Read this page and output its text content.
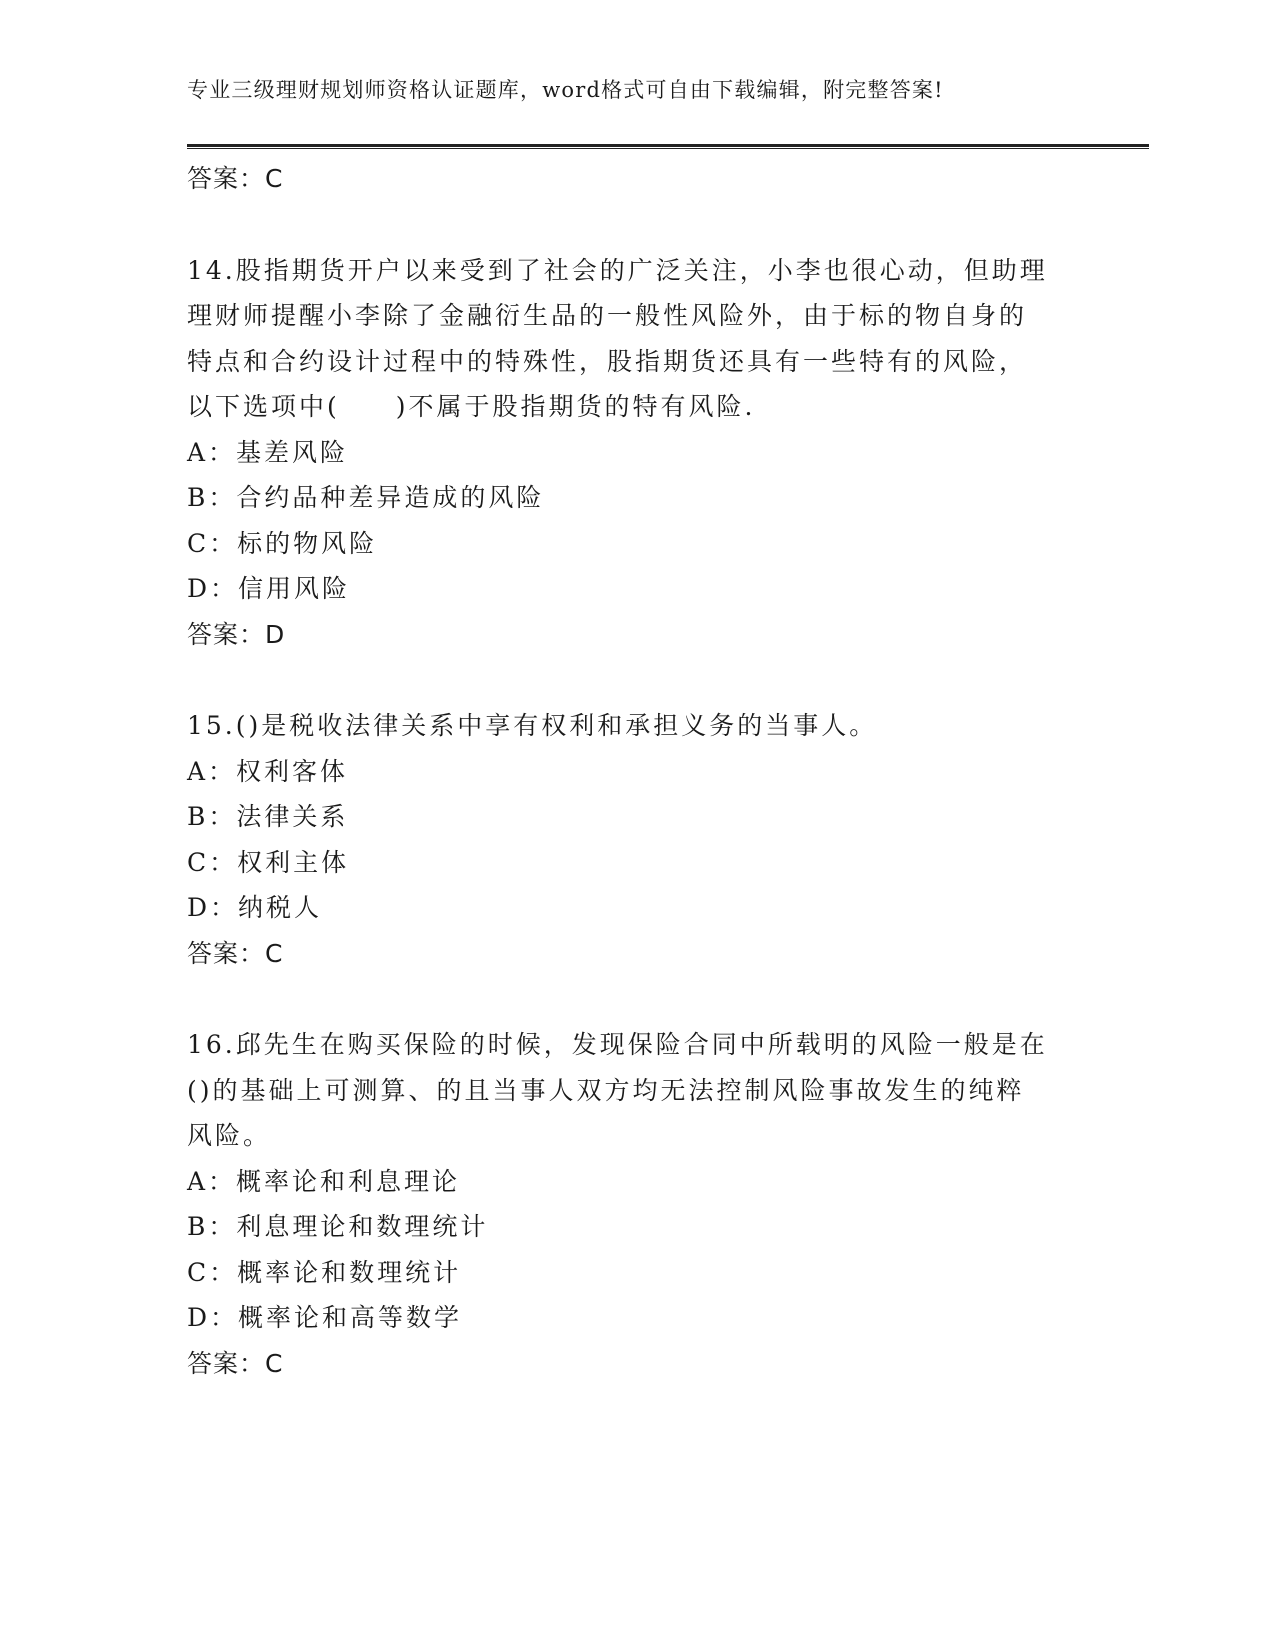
专业三级理财规划师资格认证题库，word格式可自由下载编辑，附完整答案!
答案：C
14.股指期货开户以来受到了社会的广泛关注，小李也很心动，但助理
理财师提醒小李除了金融衍生品的一般性风险外，由于标的物自身的
特点和合约设计过程中的特殊性，股指期货还具有一些特有的风险，
以下选项中(　　)不属于股指期货的特有风险.
A：基差风险
B：合约品种差异造成的风险
C：标的物风险
D：信用风险
答案：D
15.()是税收法律关系中享有权利和承担义务的当事人。
A：权利客体
B：法律关系
C：权利主体
D：纳税人
答案：C
16.邱先生在购买保险的时候，发现保险合同中所载明的风险一般是在
()的基础上可测算、的且当事人双方均无法控制风险事故发生的纯粹
风险。
A：概率论和利息理论
B：利息理论和数理统计
C：概率论和数理统计
D：概率论和高等数学
答案：C
